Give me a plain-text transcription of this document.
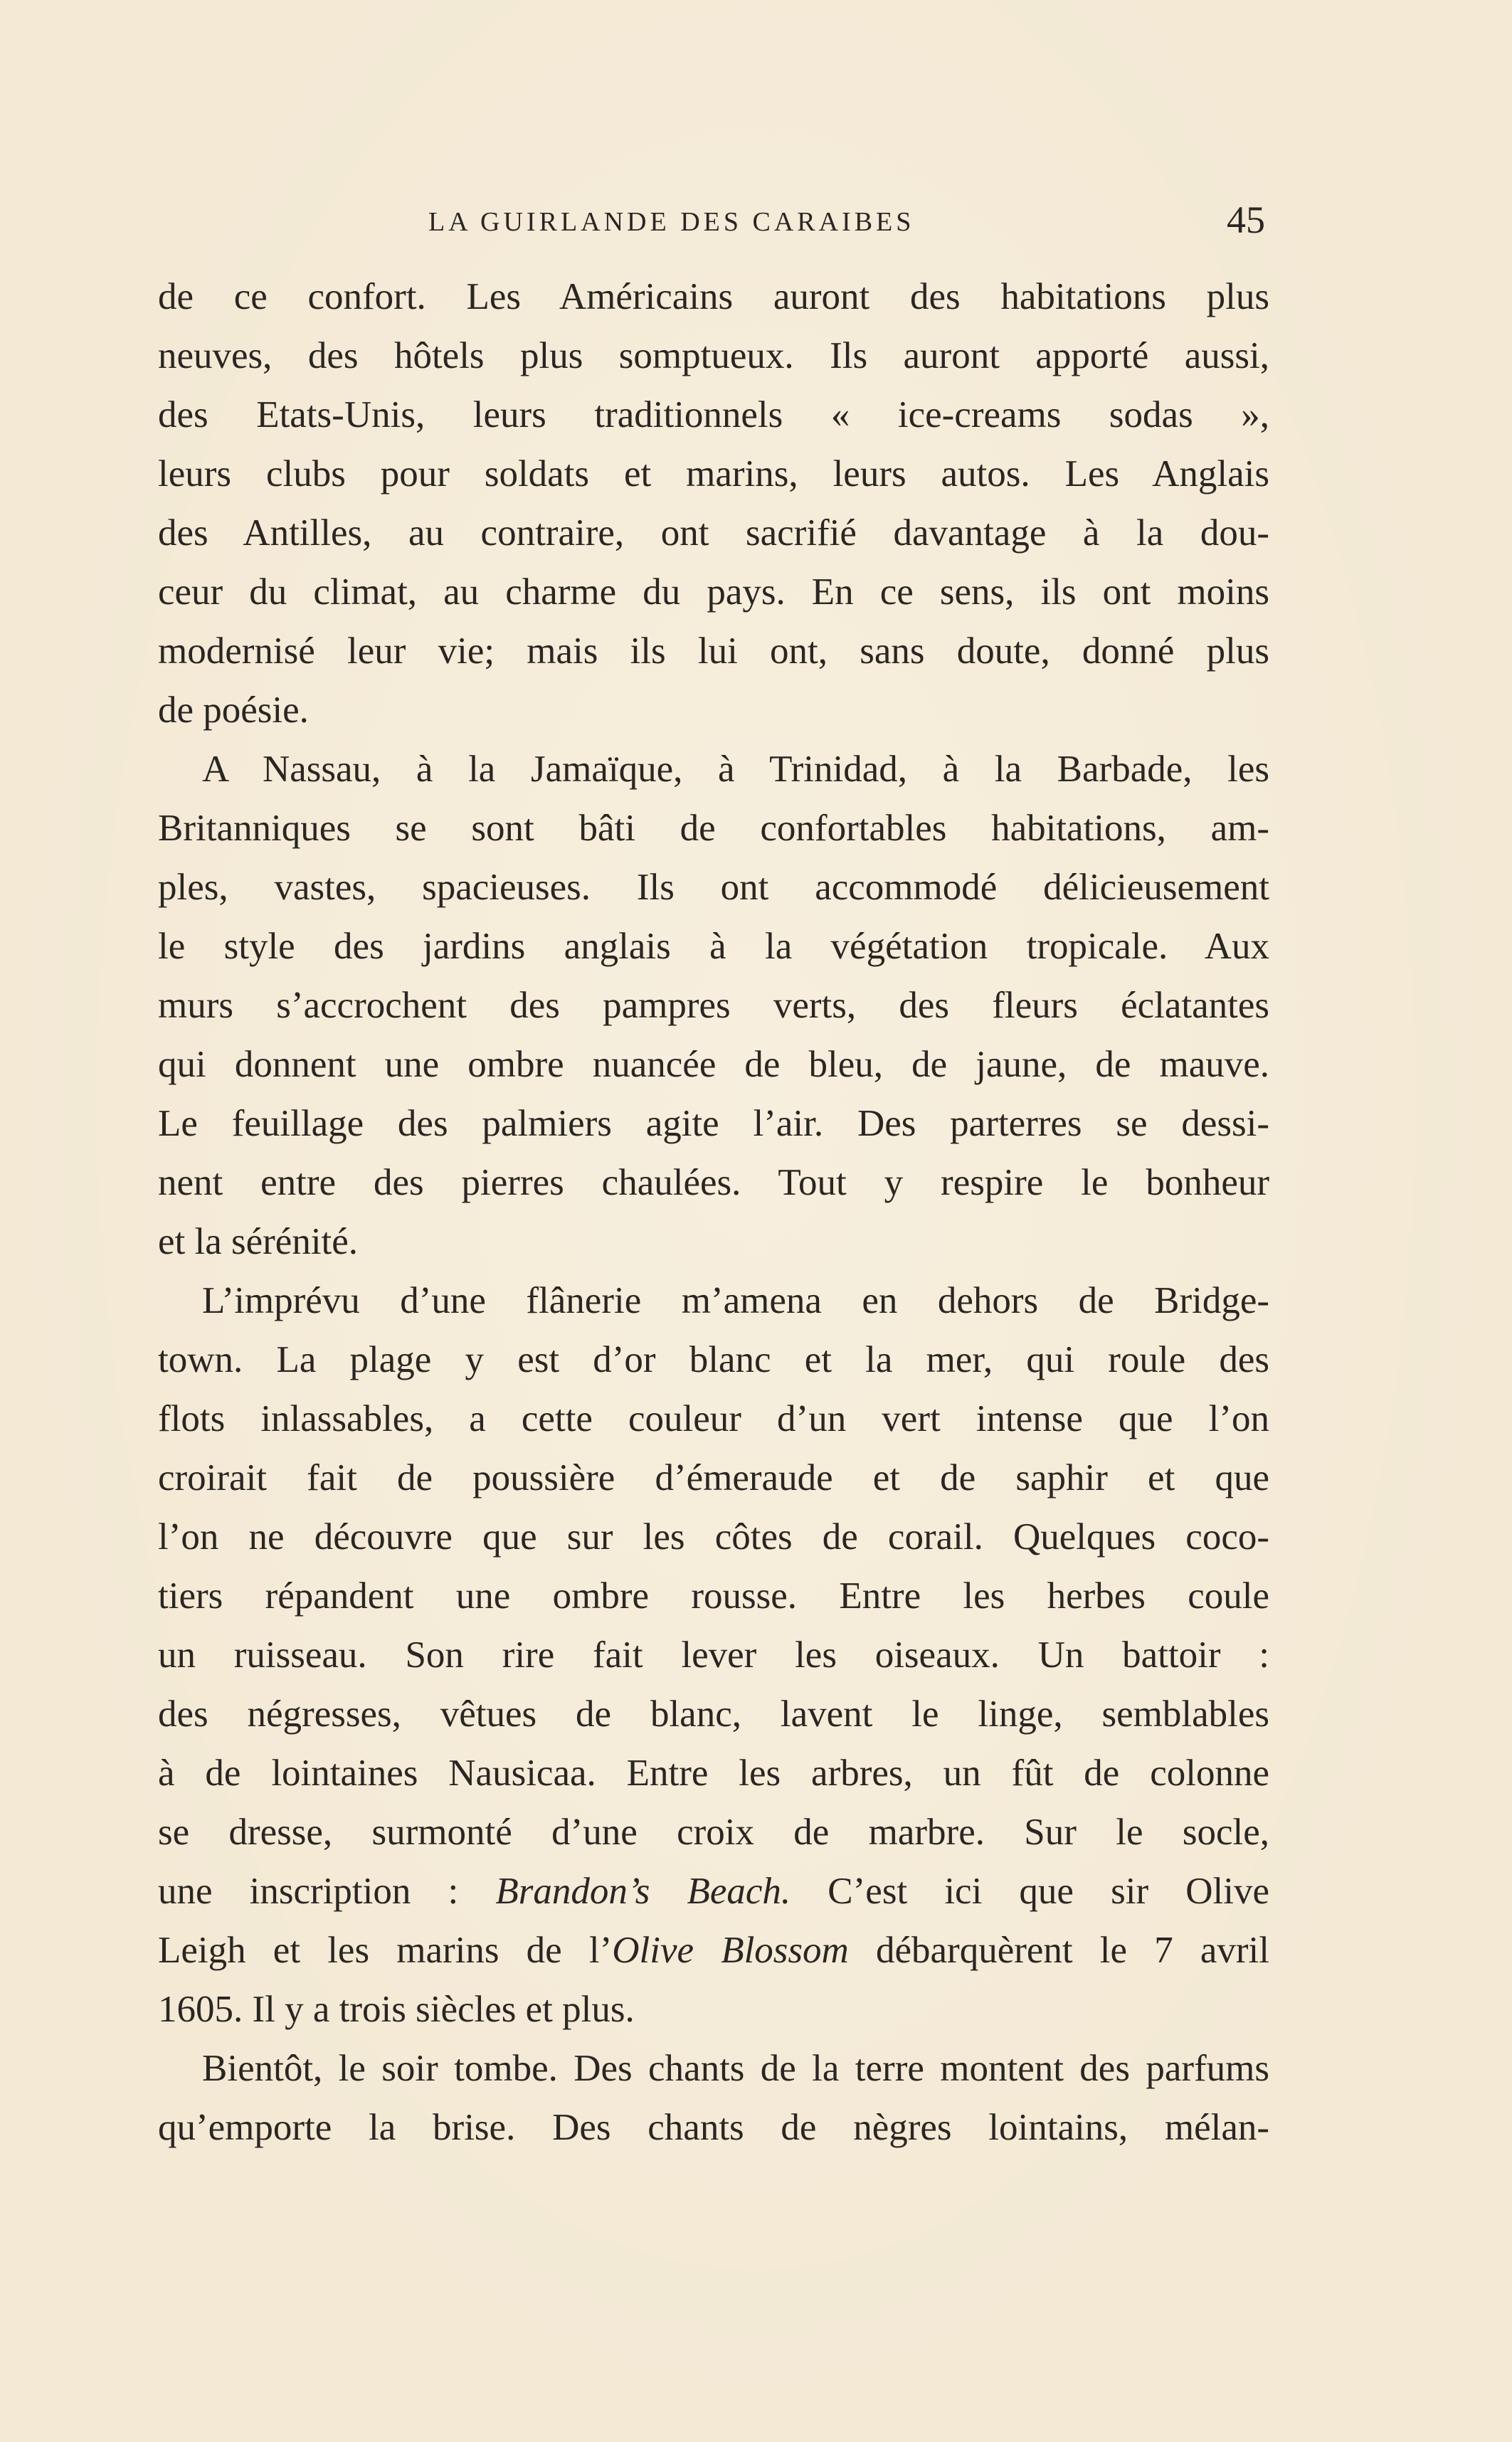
LA GUIRLANDE DES CARAIBES	45
de ce confort. Les Américains auront des habitations plus
neuves, des hôtels plus somptueux. Ils auront apporté aussi,
des Etats-Unis, leurs traditionnels « ice-creams sodas »,
leurs clubs pour soldats et marins, leurs autos. Les Anglais
des Antilles, au contraire, ont sacrifié davantage à la dou-
ceur du climat, au charme du pays. En ce sens, ils ont moins
modernisé leur vie; mais ils lui ont, sans doute, donné plus
de poésie.
A Nassau, à la Jamaïque, à Trinidad, à la Barbade, les
Britanniques se sont bâti de confortables habitations, am-
ples, vastes, spacieuses. Ils ont accommodé délicieusement
le style des jardins anglais à la végétation tropicale. Aux
murs s’accrochent des pampres verts, des fleurs éclatantes
qui donnent une ombre nuancée de bleu, de jaune, de mauve.
Le feuillage des palmiers agite l’air. Des parterres se dessi-
nent entre des pierres chaulées. Tout y respire le bonheur
et la sérénité.
L’imprévu d’une flânerie m’amena en dehors de Bridge-
town. La plage y est d’or blanc et la mer, qui roule des
flots inlassables, a cette couleur d’un vert intense que l’on
croirait fait de poussière d’émeraude et de saphir et que
l’on ne découvre que sur les côtes de corail. Quelques coco-
tiers répandent une ombre rousse. Entre les herbes coule
un ruisseau. Son rire fait lever les oiseaux. Un battoir :
des négresses, vêtues de blanc, lavent le linge, semblables
à de lointaines Nausicaa. Entre les arbres, un fût de colonne
se dresse, surmonté d’une croix de marbre. Sur le socle,
une inscription : Brandon’s Beach. C’est ici que sir Olive
Leigh et les marins de l’Olive Blossom débarquèrent le 7 avril
1605. Il y a trois siècles et plus.
Bientôt, le soir tombe. Des chants de la terre montent des parfums
qu’emporte la brise. Des chants de nègres lointains, mélan-
